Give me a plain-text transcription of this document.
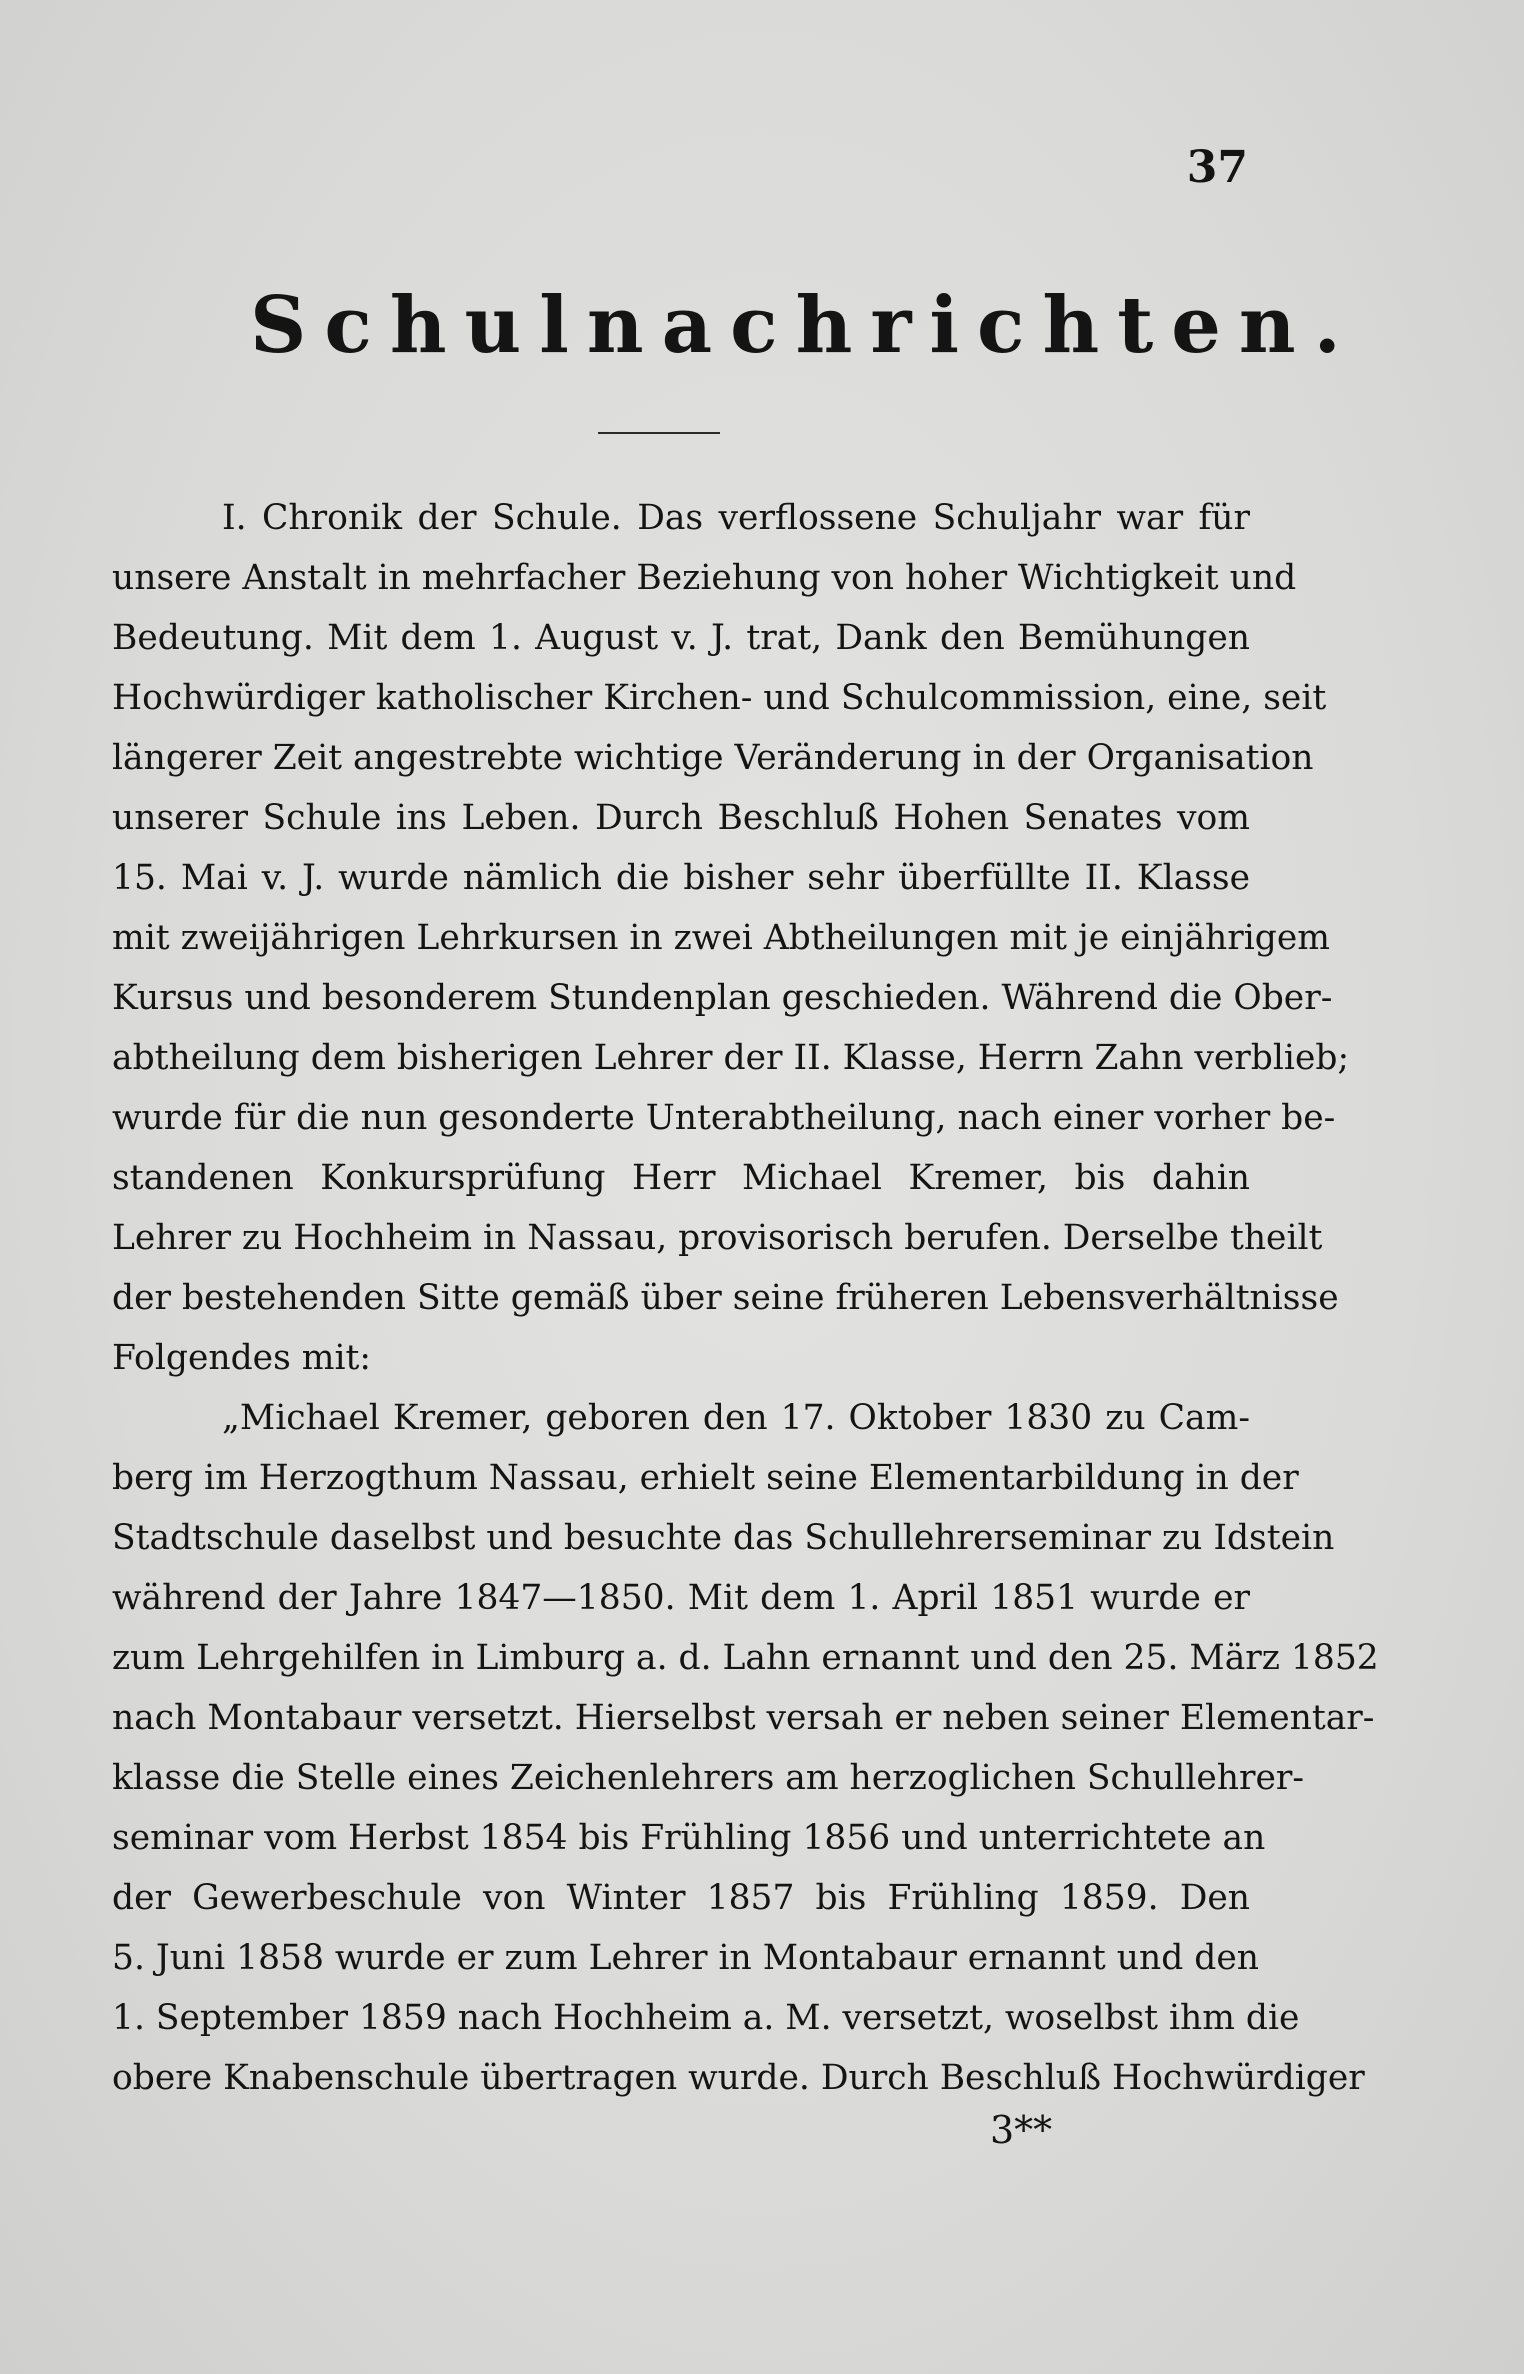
37
Schulnachrichten.
I. Chronik der Schule. Das verflossene Schuljahr war für
unsere Anstalt in mehrfacher Beziehung von hoher Wichtigkeit und
Bedeutung. Mit dem 1. August v. J. trat, Dank den Bemühungen
Hochwürdiger katholischer Kirchen- und Schulcommission, eine, seit
längerer Zeit angestrebte wichtige Veränderung in der Organisation
unserer Schule ins Leben. Durch Beschluß Hohen Senates vom
15. Mai v. J. wurde nämlich die bisher sehr überfüllte II. Klasse
mit zweijährigen Lehrkursen in zwei Abtheilungen mit je einjährigem
Kursus und besonderem Stundenplan geschieden. Während die Ober-
abtheilung dem bisherigen Lehrer der II. Klasse, Herrn Zahn verblieb;
wurde für die nun gesonderte Unterabtheilung, nach einer vorher be-
standenen Konkursprüfung Herr Michael Kremer, bis dahin
Lehrer zu Hochheim in Nassau, provisorisch berufen. Derselbe theilt
der bestehenden Sitte gemäß über seine früheren Lebensverhältnisse
Folgendes mit:
„Michael Kremer, geboren den 17. Oktober 1830 zu Cam-
berg im Herzogthum Nassau, erhielt seine Elementarbildung in der
Stadtschule daselbst und besuchte das Schullehrerseminar zu Idstein
während der Jahre 1847—1850. Mit dem 1. April 1851 wurde er
zum Lehrgehilfen in Limburg a. d. Lahn ernannt und den 25. März 1852
nach Montabaur versetzt. Hierselbst versah er neben seiner Elementar-
klasse die Stelle eines Zeichenlehrers am herzoglichen Schullehrer-
seminar vom Herbst 1854 bis Frühling 1856 und unterrichtete an
der Gewerbeschule von Winter 1857 bis Frühling 1859. Den
5. Juni 1858 wurde er zum Lehrer in Montabaur ernannt und den
1. September 1859 nach Hochheim a. M. versetzt, woselbst ihm die
obere Knabenschule übertragen wurde. Durch Beschluß Hochwürdiger
3**
